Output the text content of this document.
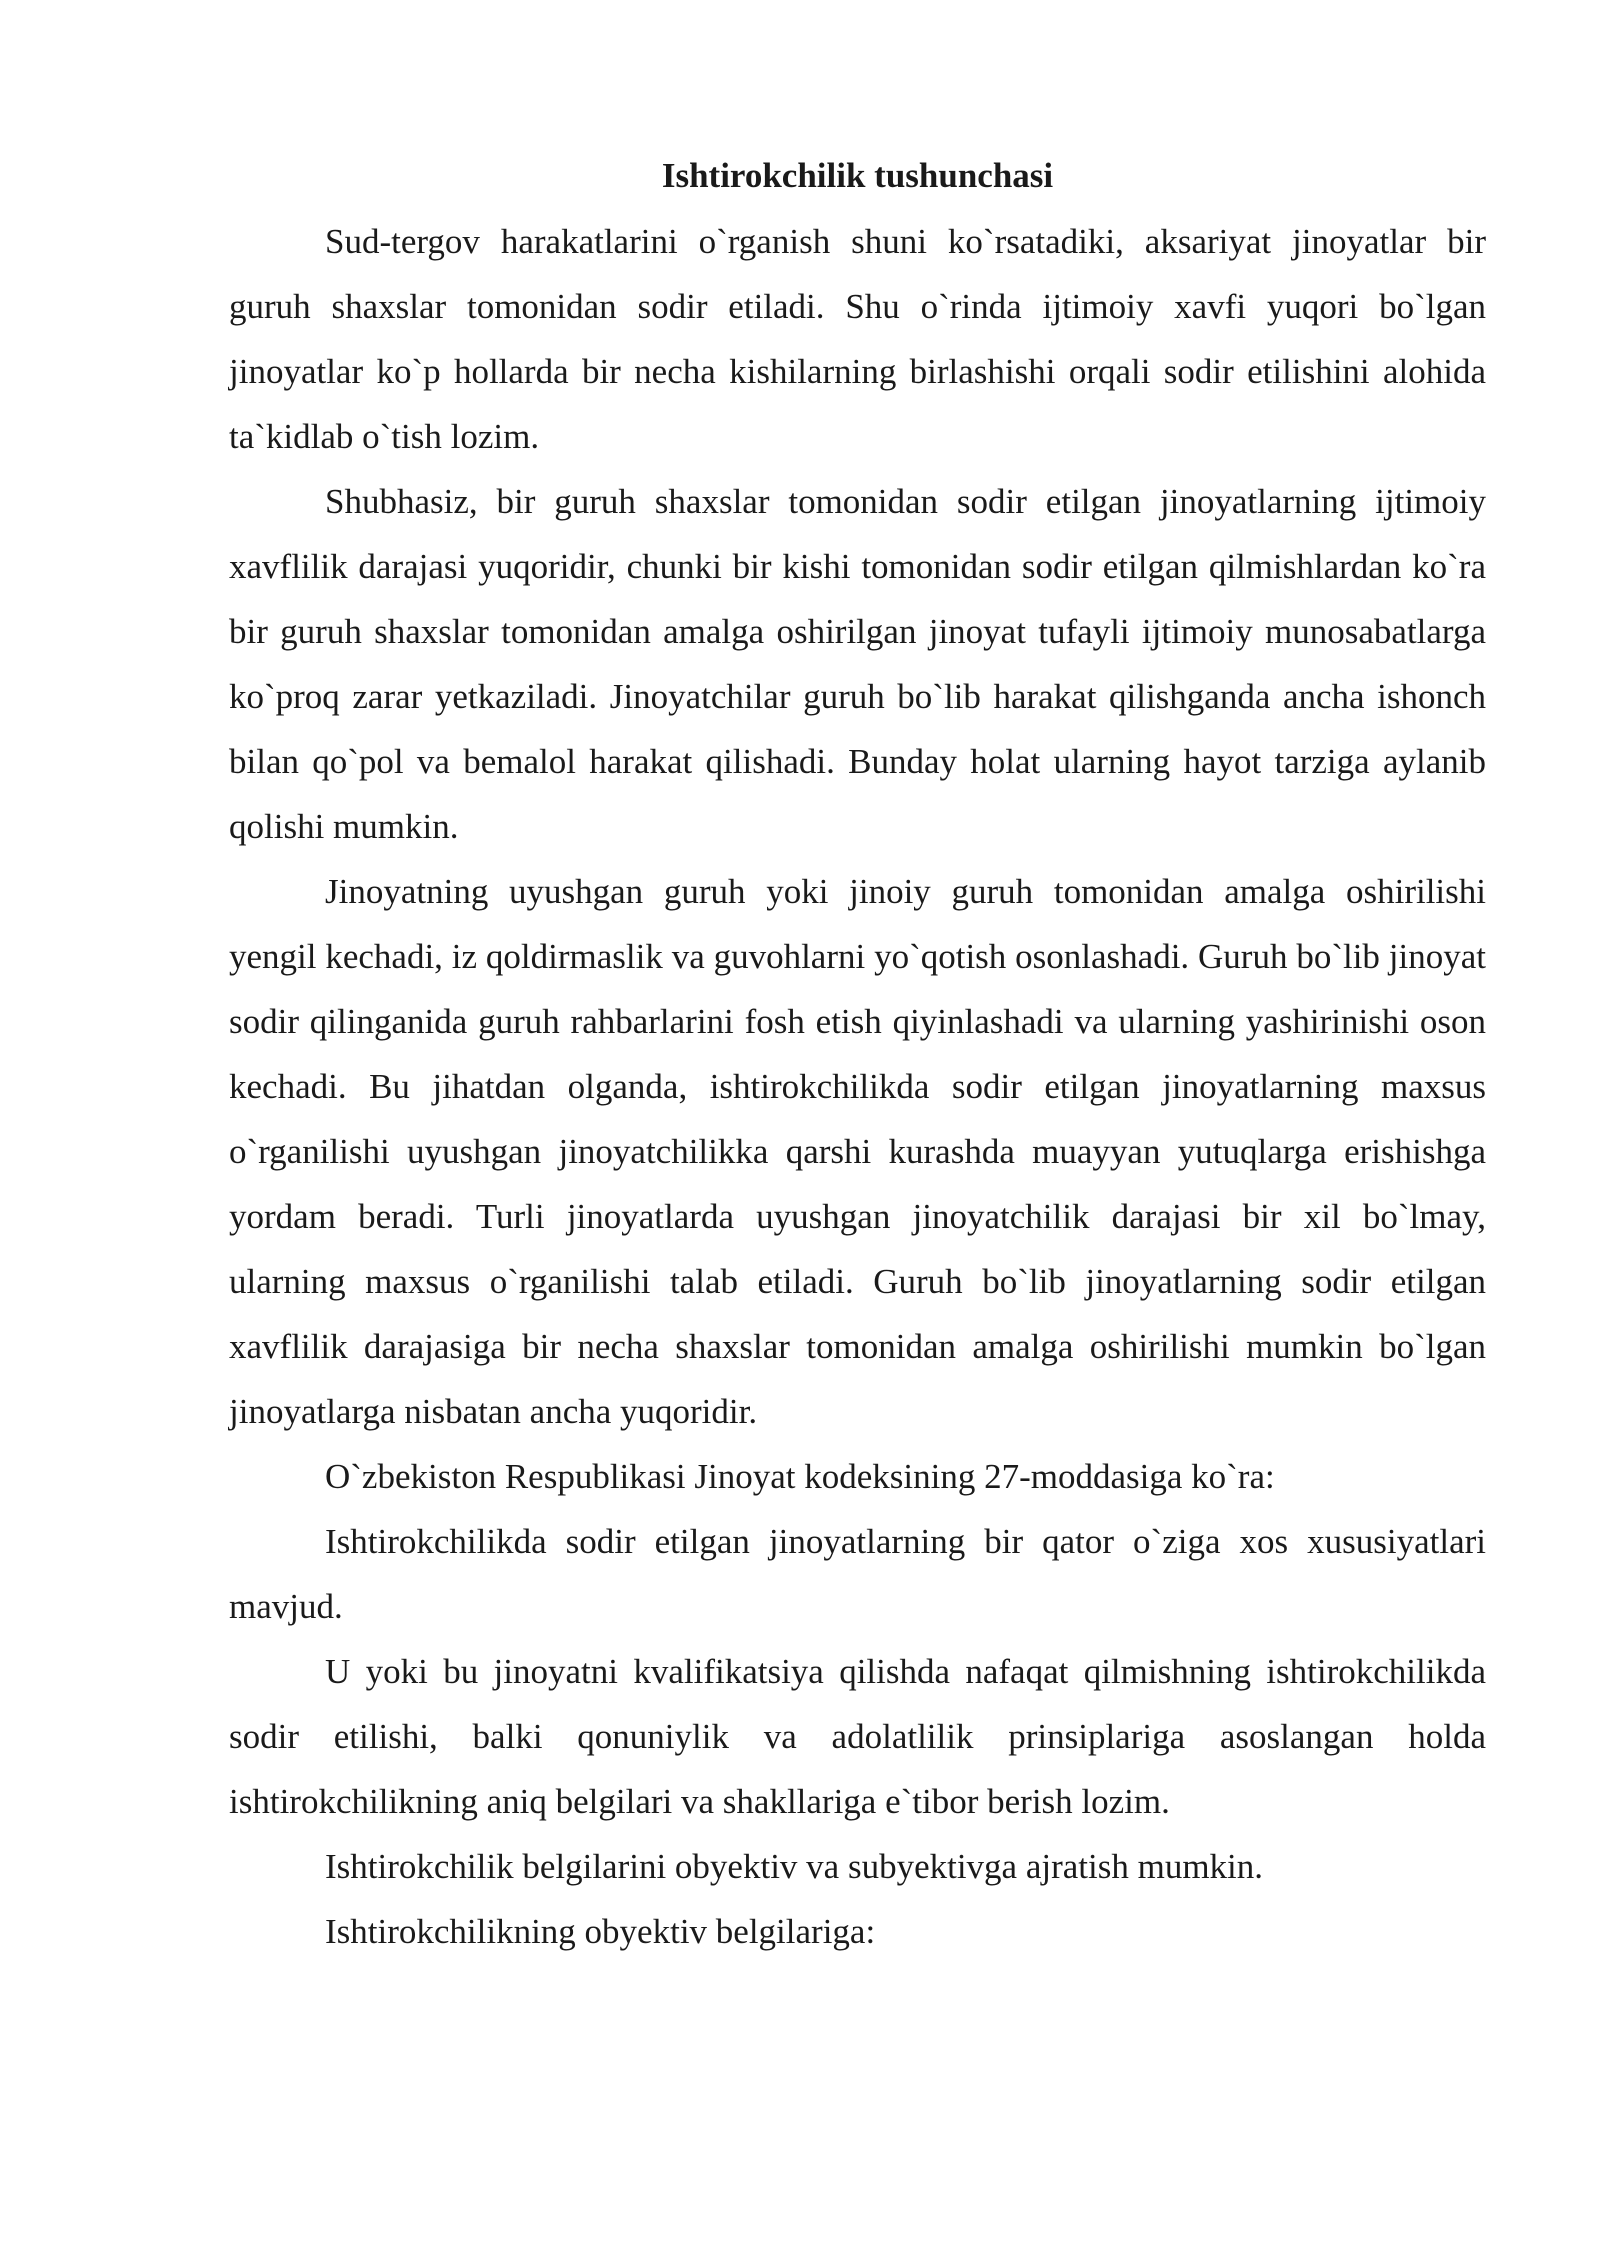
Ishtirokchilik tushunchasi

Sud-tergov harakatlarini o`rganish shuni ko`rsatadiki, aksariyat jinoyatlar bir guruh shaxslar tomonidan sodir etiladi. Shu o`rinda ijtimoiy xavfi yuqori bo`lgan jinoyatlar ko`p hollarda bir necha kishilarning birlashishi orqali sodir etilishini alohida ta`kidlab o`tish lozim.

Shubhasiz, bir guruh shaxslar tomonidan sodir etilgan jinoyatlarning ijtimoiy xavflilik darajasi yuqoridir, chunki bir kishi tomonidan sodir etilgan qilmishlardan ko`ra bir guruh shaxslar tomonidan amalga oshirilgan jinoyat tufayli ijtimoiy munosabatlarga ko`proq zarar yetkaziladi. Jinoyatchilar guruh bo`lib harakat qilishganda ancha ishonch bilan qo`pol va bemalol harakat qilishadi. Bunday holat ularning hayot tarziga aylanib qolishi mumkin.

Jinoyatning uyushgan guruh yoki jinoiy guruh tomonidan amalga oshirilishi yengil kechadi, iz qoldirmaslik va guvohlarni yo`qotish osonlashadi. Guruh bo`lib jinoyat sodir qilinganida guruh rahbarlarini fosh etish qiyinlashadi va ularning yashirinishi oson kechadi. Bu jihatdan olganda, ishtirokchilikda sodir etilgan jinoyatlarning maxsus o`rganilishi uyushgan jinoyatchilikka qarshi kurashda muayyan yutuqlarga erishishga yordam beradi. Turli jinoyatlarda uyushgan jinoyatchilik darajasi bir xil bo`lmay, ularning maxsus o`rganilishi talab etiladi. Guruh bo`lib jinoyatlarning sodir etilgan xavflilik darajasiga bir necha shaxslar tomonidan amalga oshirilishi mumkin bo`lgan jinoyatlarga nisbatan ancha yuqoridir.

O`zbekiston Respublikasi Jinoyat kodeksining 27-moddasiga ko`ra:

Ishtirokchilikda sodir etilgan jinoyatlarning bir qator o`ziga xos xususiyatlari mavjud.

U yoki bu jinoyatni kvalifikatsiya qilishda nafaqat qilmishning ishtirokchilikda sodir etilishi, balki qonuniylik va adolatlilik prinsiplariga asoslangan holda ishtirokchilikning aniq belgilari va shakllariga e`tibor berish lozim.

Ishtirokchilik belgilarini obyektiv va subyektivga ajratish mumkin.

Ishtirokchilikning obyektiv belgilariga:
